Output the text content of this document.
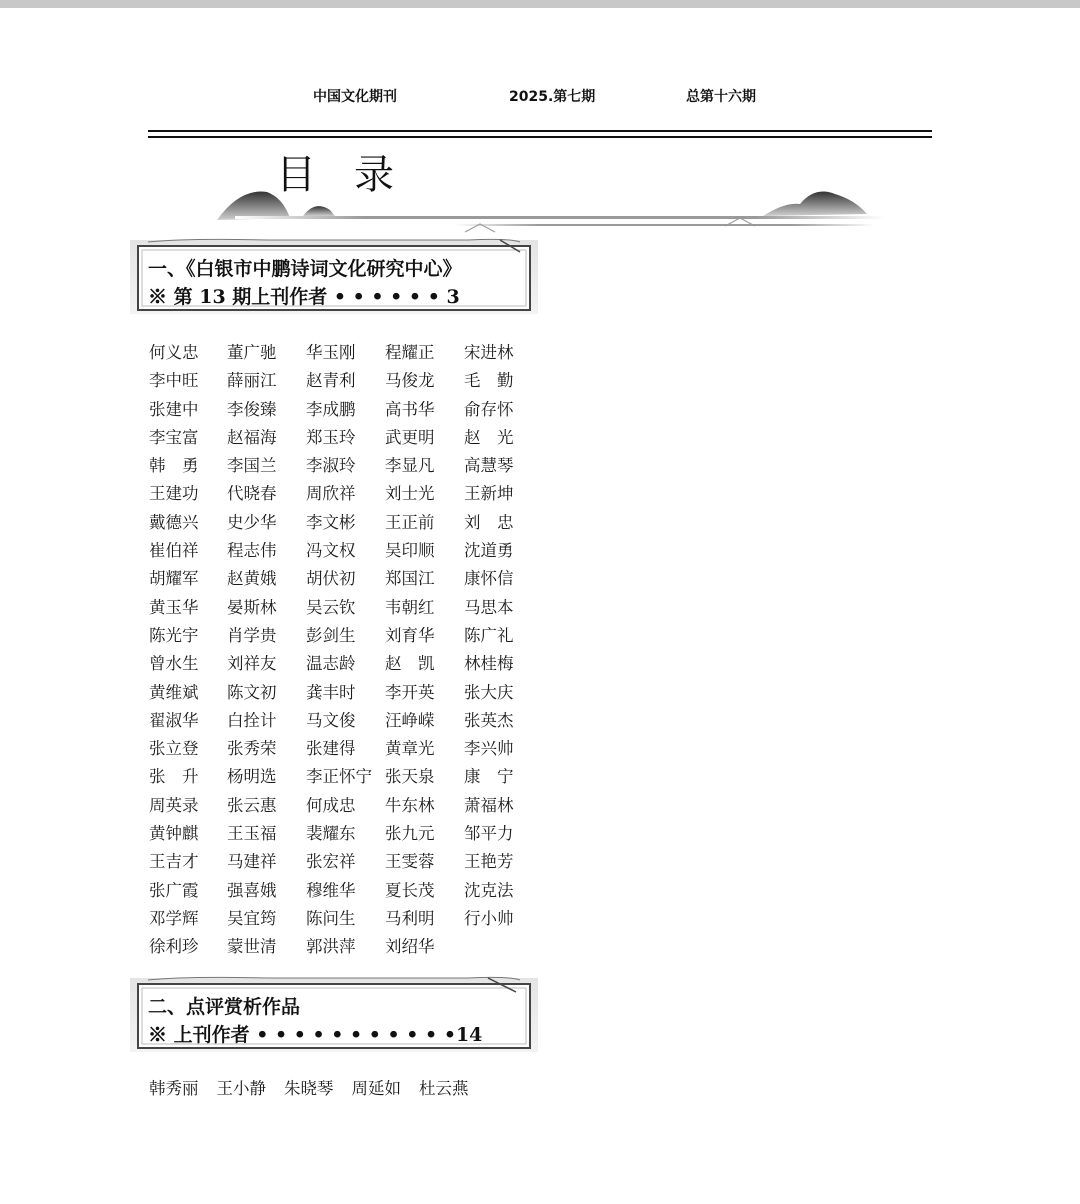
中国文化期刊	2025.第七期	总第十六期
目录
一、《白银市中鹏诗词文化研究中心》
※ 第 13 期上刊作者 • • • • • • 3
何义忠 董广驰 华玉刚 程耀正 宋进林
李中旺 薛丽江 赵青利 马俊龙 毛　勤
张建中 李俊臻 李成鹏 高书华 俞存怀
李宝富 赵福海 郑玉玲 武更明 赵　光
韩　勇 李国兰 李淑玲 李显凡 高慧琴
王建功 代晓春 周欣祥 刘士光 王新坤
戴德兴 史少华 李文彬 王正前 刘　忠
崔伯祥 程志伟 冯文权 吴印顺 沈道勇
胡耀军 赵黄娥 胡伏初 郑国江 康怀信
黄玉华 晏斯林 吴云钦 韦朝红 马思本
陈光宇 肖学贵 彭剑生 刘育华 陈广礼
曾水生 刘祥友 温志龄 赵　凯 林桂梅
黄维斌 陈文初 龚丰时 李开英 张大庆
翟淑华 白拴计 马文俊 汪峥嵘 张英杰
张立登 张秀荣 张建得 黄章光 李兴帅
张　升 杨明选 李正怀宁 张天泉 康　宁
周英录 张云惠 何成忠 牛东林 萧福林
黄钟麒 王玉福 裴耀东 张九元 邹平力
王吉才 马建祥 张宏祥 王雯蓉 王艳芳
张广霞 强喜娥 穆维华 夏长茂 沈克法
邓学辉 吴宜筠 陈问生 马利明 行小帅
徐利珍 蒙世清 郭洪萍 刘绍华
二、点评赏析作品
※ 上刊作者 • • • • • • • • • • •14
韩秀丽 王小静 朱晓琴 周延如 杜云燕
